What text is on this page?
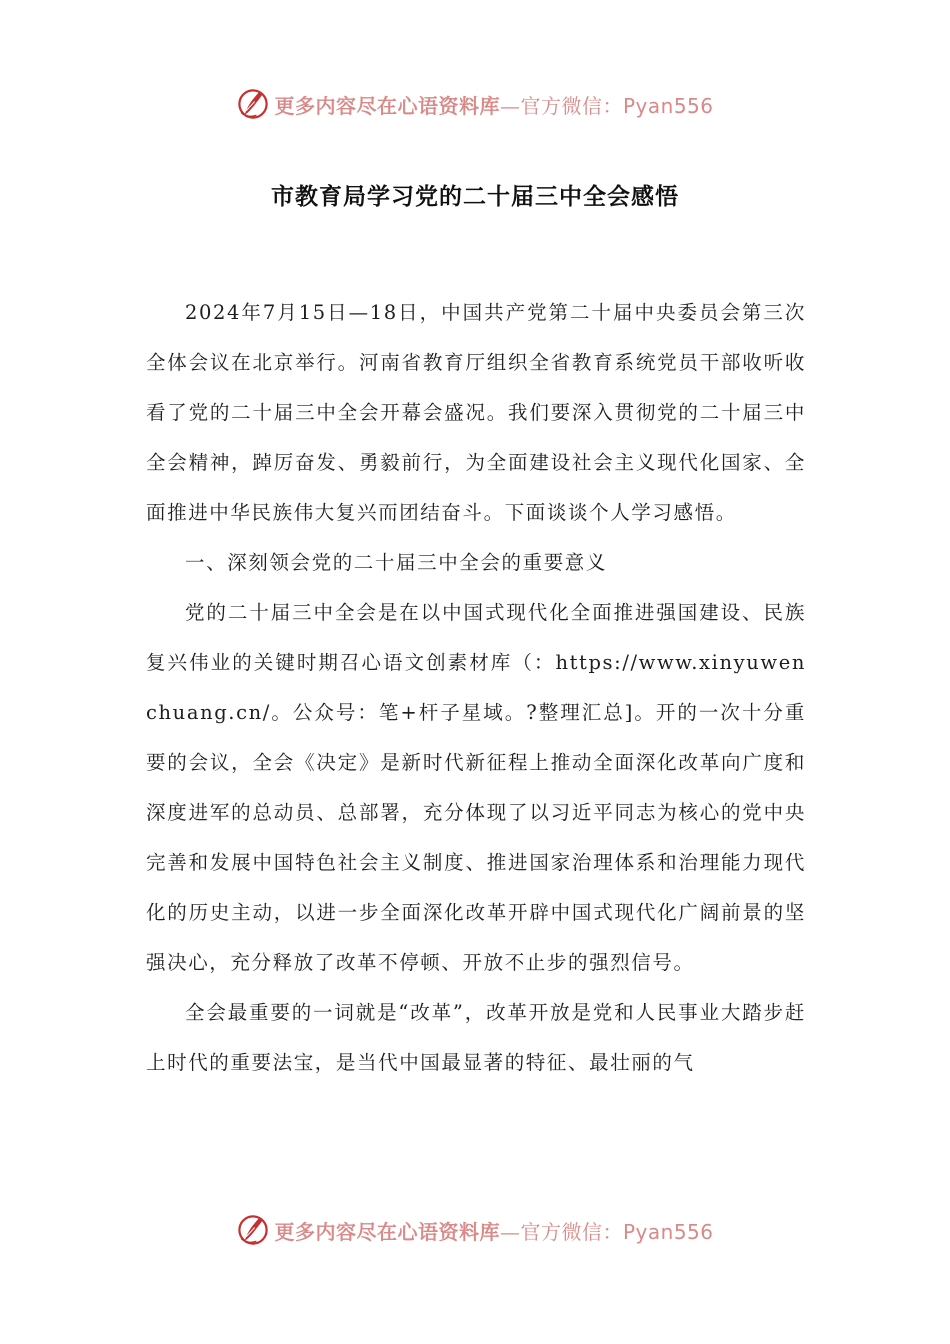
更多内容尽在心语资料库—官方微信：Pyan556
市教育局学习党的二十届三中全会感悟

2024年7月15日—18日，中国共产党第二十届中央委员会第三次全体会议在北京举行。河南省教育厅组织全省教育系统党员干部收听收看了党的二十届三中全会开幕会盛况。我们要深入贯彻党的二十届三中全会精神，踔厉奋发、勇毅前行，为全面建设社会主义现代化国家、全面推进中华民族伟大复兴而团结奋斗。下面谈谈个人学习感悟。

一、深刻领会党的二十届三中全会的重要意义

党的二十届三中全会是在以中国式现代化全面推进强国建设、民族复兴伟业的关键时期召心语文创素材库（：https://www.xinyuwenchuang.cn/。公众号：笔+杆子星域。?整理汇总]。开的一次十分重要的会议，全会《决定》是新时代新征程上推动全面深化改革向广度和深度进军的总动员、总部署，充分体现了以习近平同志为核心的党中央完善和发展中国特色社会主义制度、推进国家治理体系和治理能力现代化的历史主动，以进一步全面深化改革开辟中国式现代化广阔前景的坚强决心，充分释放了改革不停顿、开放不止步的强烈信号。

全会最重要的一词就是“改革”，改革开放是党和人民事业大踏步赶上时代的重要法宝，是当代中国最显著的特征、最壮丽的气

更多内容尽在心语资料库—官方微信：Pyan556
